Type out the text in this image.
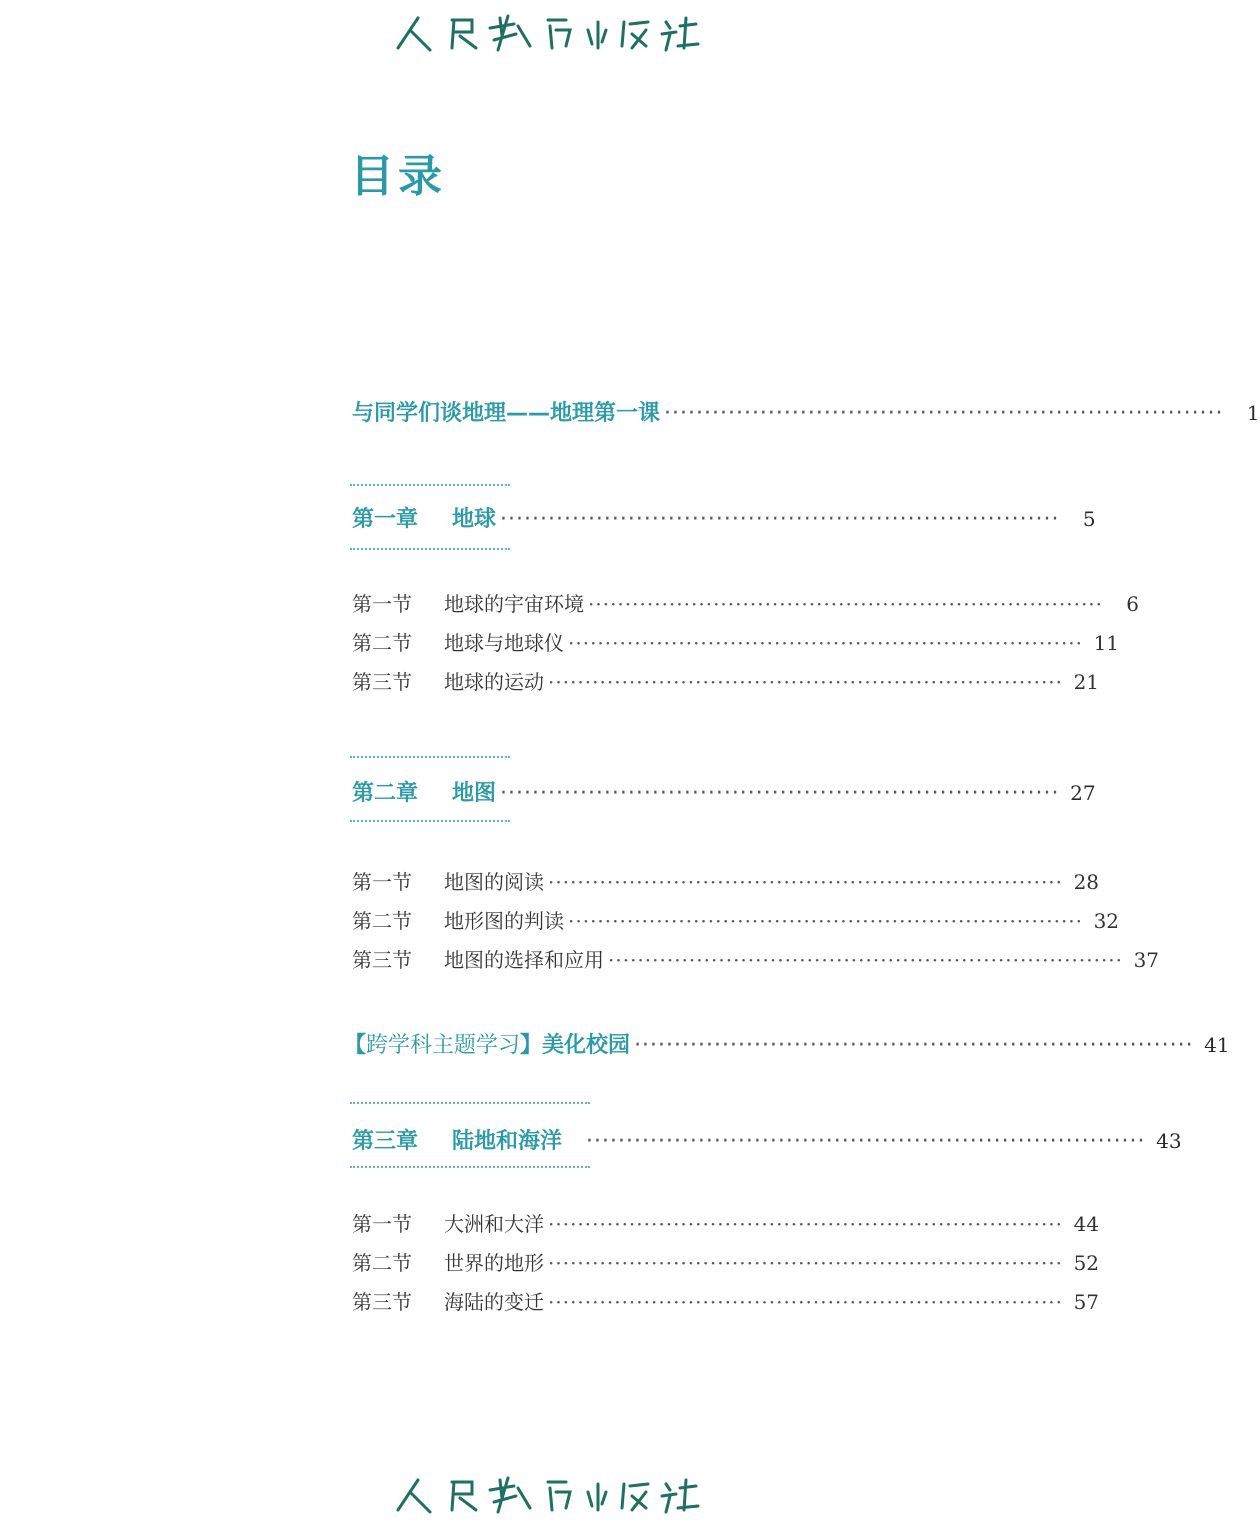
目录
与同学们谈地理——地理第一课 ······································································	1
第一章 地球 ······································································	5
第一节 地球的宇宙环境 ······································································	6
第二节 地球与地球仪 ······································································ 11
第三节 地球的运动 ······································································ 21
第二章 地图 ······································································ 27
第一节 地图的阅读 ······································································ 28
第二节 地形图的判读 ······································································ 32
第三节 地图的选择和应用 ······································································ 37
【跨学科主题学习】美化校园 ······································································ 41
第三章 陆地和海洋 ······································································ 43
第一节 大洲和大洋 ······································································ 44
第二节 世界的地形 ······································································ 52
第三节 海陆的变迁 ······································································ 57
